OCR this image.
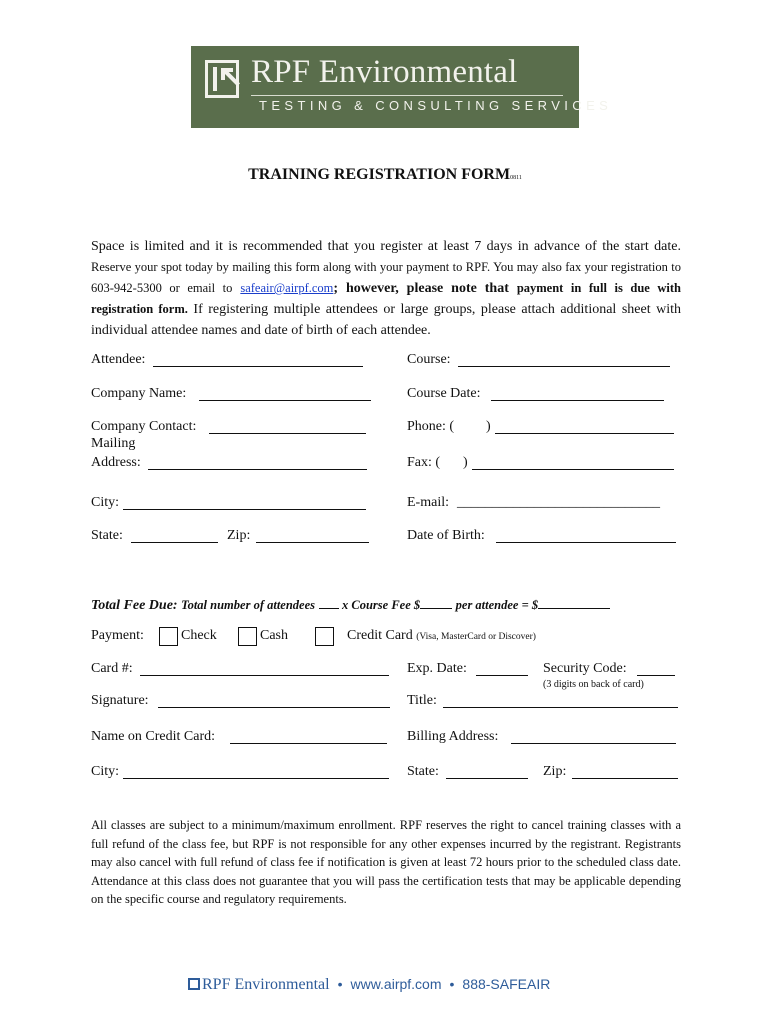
RPF Environmental
TESTING & CONSULTING SERVICES
TRAINING REGISTRATION FORM0811
Space is limited and it is recommended that you register at least 7 days in advance of the start date. Reserve your spot today by mailing this form along with your payment to RPF. You may also fax your registration to 603-942-5300 or email to safeair@airpf.com; however, please note that payment in full is due with registration form. If registering multiple attendees or large groups, please attach additional sheet with individual attendee names and date of birth of each attendee.
Attendee:	Course:
Company Name:	Course Date:
Company Contact:	Phone: ( )
Mailing
Address:	Fax: ( )
City:	E-mail: _____________________________
State:	Zip:	Date of Birth:
Total Fee Due: Total number of attendees x Course Fee $	per attendee = $
Payment:	Check	Cash	Credit Card (Visa, MasterCard or Discover)
Card #:	Exp. Date:	Security Code:
(3 digits on back of card)
Signature:	Title:
Name on Credit Card:	Billing Address:
City:	State:	Zip:
All classes are subject to a minimum/maximum enrollment. RPF reserves the right to cancel training classes with a full refund of the class fee, but RPF is not responsible for any other expenses incurred by the registrant. Registrants may also cancel with full refund of class fee if notification is given at least 72 hours prior to the scheduled class date. Attendance at this class does not guarantee that you will pass the certification tests that may be applicable depending on the specific course and regulatory requirements.
RPF Environmental • www.airpf.com • 888-SAFEAIR
